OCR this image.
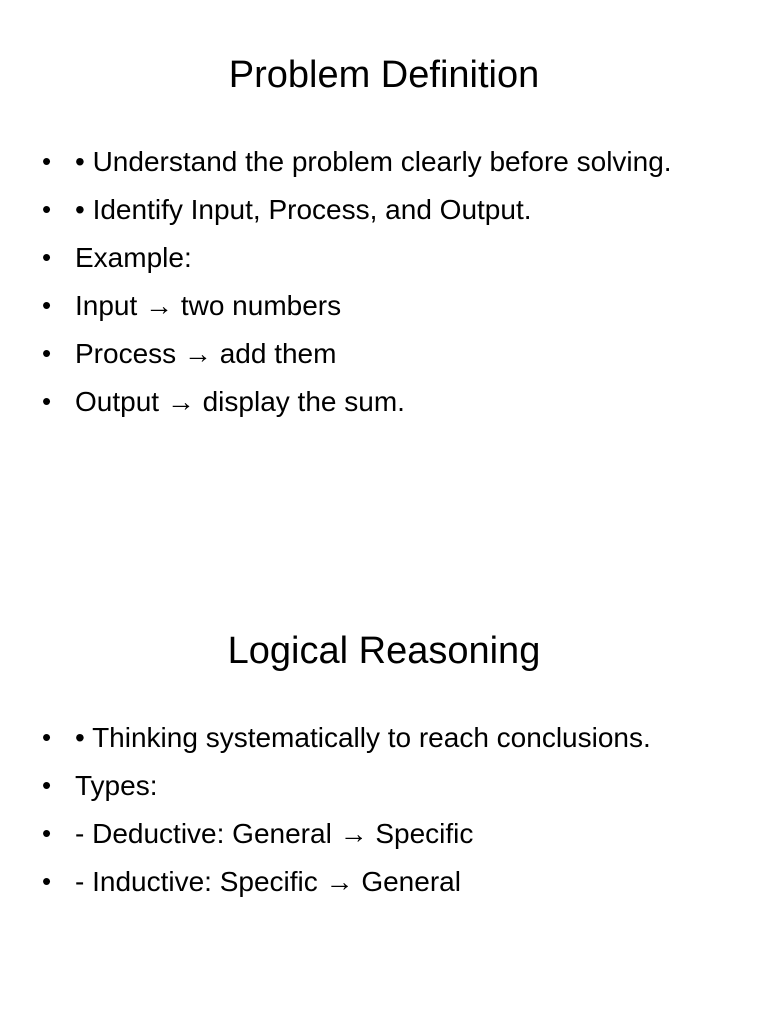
Problem Definition
• • Understand the problem clearly before solving.
• • Identify Input, Process, and Output.
• Example:
• Input → two numbers
• Process → add them
• Output → display the sum.
Logical Reasoning
• • Thinking systematically to reach conclusions.
• Types:
• - Deductive: General → Specific
• - Inductive: Specific → General
